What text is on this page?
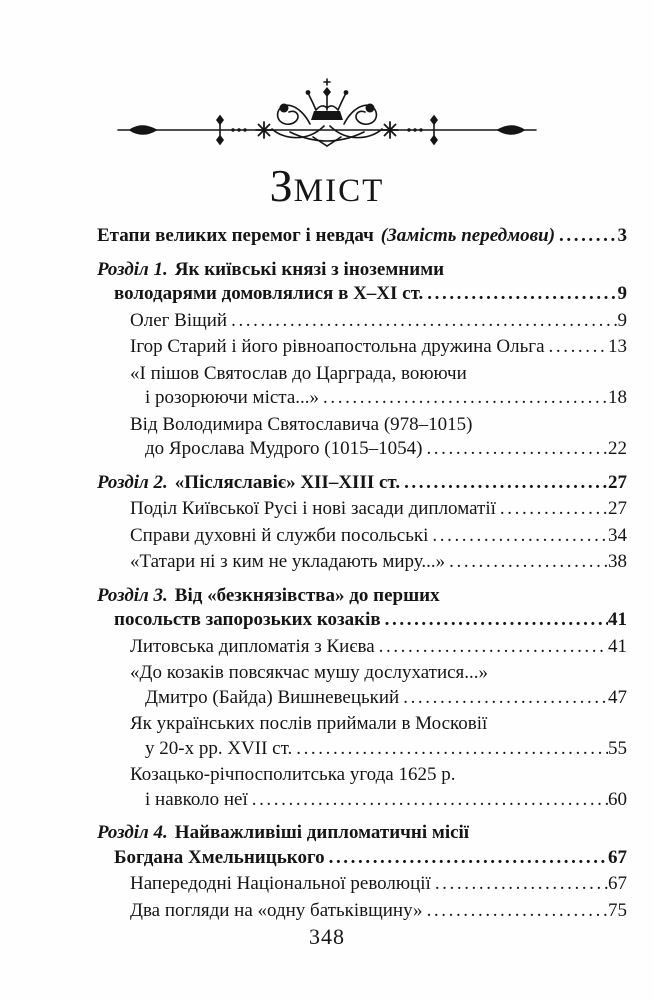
ЗМІСТ
Етапи великих перемог і невдач (Замість передмови) .....	3
Розділ 1. Як київські князі з іноземними
володарями домовлялися в X–XI ст. .....	9
Олег Віщий .....	9
Ігор Старий і його рівноапостольна дружина Ольга .....	13
«І пішов Святослав до Царграда, воюючи
і розорюючи міста...» .....	18
Від Володимира Святославича (978–1015)
до Ярослава Мудрого (1015–1054) .....	22
Розділ 2. «Післяславіє» XII–XIII ст. .....	27
Поділ Київської Русі і нові засади дипломатії .....	27
Справи духовні й служби посольські .....	34
«Татари ні з ким не укладають миру...» .....	38
Розділ 3. Від «безкнязівства» до перших
посольств запорозьких козаків .....	41
Литовська дипломатія з Києва .....	41
«До козаків повсякчас мушу дослухатися...»
Дмитро (Байда) Вишневецький .....	47
Як українських послів приймали в Московії
у 20-х рр. XVII ст. .....	55
Козацько-річпосполитська угода 1625 р.
і навколо неї .....	60
Розділ 4. Найважливіші дипломатичні місії
Богдана Хмельницького .....	67
Напередодні Національної революції .....	67
Два погляди на «одну батьківщину» .....	75
348
